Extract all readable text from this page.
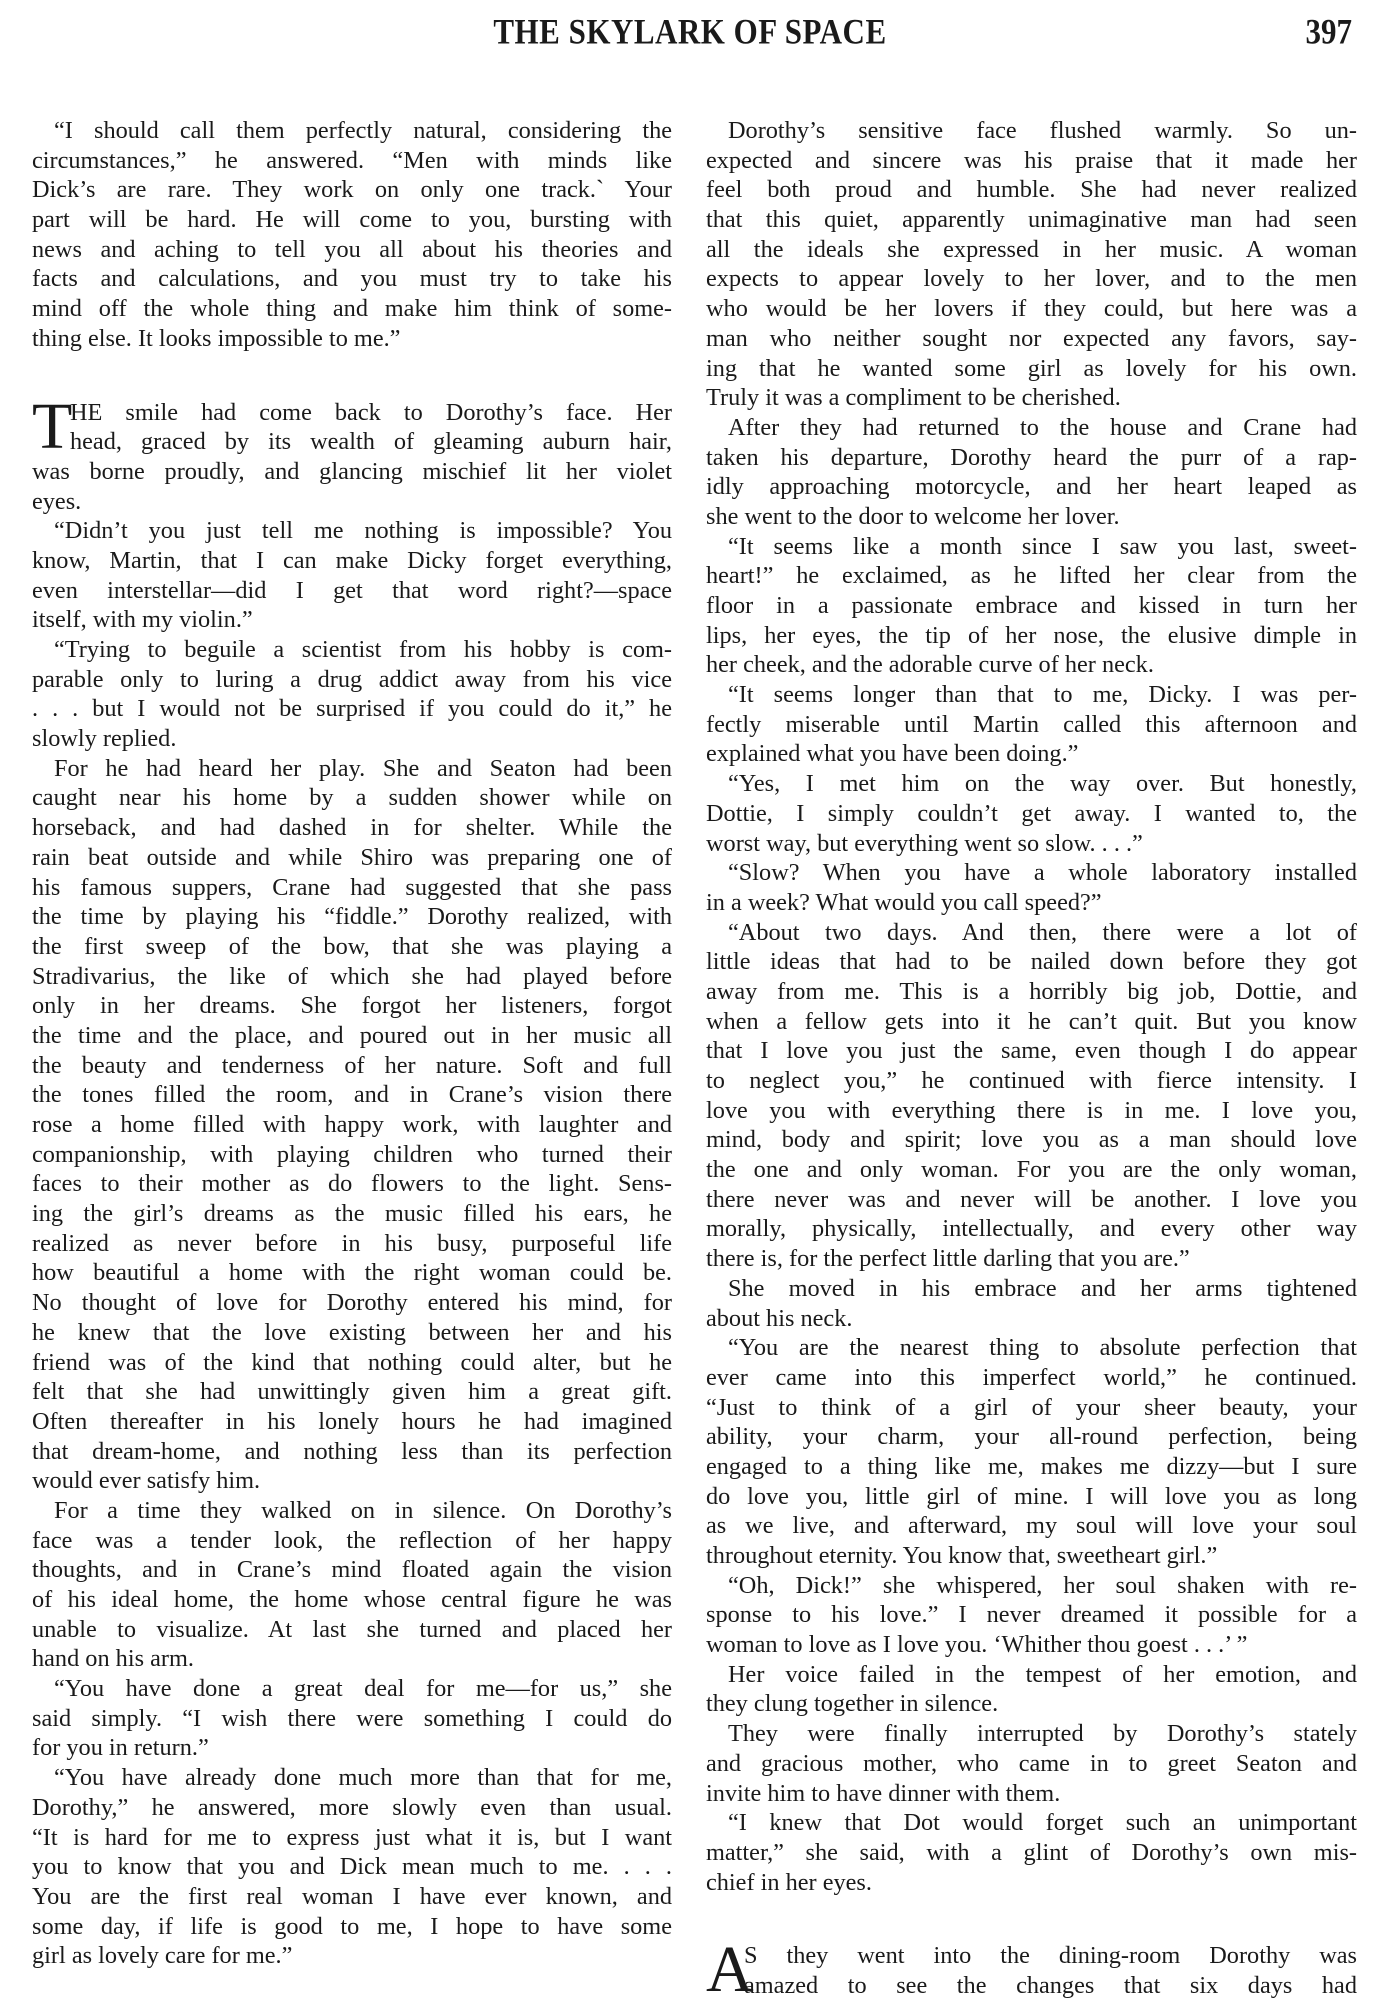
THE SKYLARK OF SPACE	397
“I should call them perfectly natural, considering the
circumstances,” he answered. “Men with minds like
Dick’s are rare. They work on only one track.` Your
part will be hard. He will come to you, bursting with
news and aching to tell you all about his theories and
facts and calculations, and you must try to take his
mind off the whole thing and make him think of some-
thing else. It looks impossible to me.”
T
HE smile had come back to Dorothy’s face. Her
head, graced by its wealth of gleaming auburn hair,
was borne proudly, and glancing mischief lit her violet
eyes.
“Didn’t you just tell me nothing is impossible? You
know, Martin, that I can make Dicky forget everything,
even interstellar—did I get that word right?—space
itself, with my violin.”
“Trying to beguile a scientist from his hobby is com-
parable only to luring a drug addict away from his vice
. . . but I would not be surprised if you could do it,” he
slowly replied.
For he had heard her play. She and Seaton had been
caught near his home by a sudden shower while on
horseback, and had dashed in for shelter. While the
rain beat outside and while Shiro was preparing one of
his famous suppers, Crane had suggested that she pass
the time by playing his “fiddle.” Dorothy realized, with
the first sweep of the bow, that she was playing a
Stradivarius, the like of which she had played before
only in her dreams. She forgot her listeners, forgot
the time and the place, and poured out in her music all
the beauty and tenderness of her nature. Soft and full
the tones filled the room, and in Crane’s vision there
rose a home filled with happy work, with laughter and
companionship, with playing children who turned their
faces to their mother as do flowers to the light. Sens-
ing the girl’s dreams as the music filled his ears, he
realized as never before in his busy, purposeful life
how beautiful a home with the right woman could be.
No thought of love for Dorothy entered his mind, for
he knew that the love existing between her and his
friend was of the kind that nothing could alter, but he
felt that she had unwittingly given him a great gift.
Often thereafter in his lonely hours he had imagined
that dream-home, and nothing less than its perfection
would ever satisfy him.
For a time they walked on in silence. On Dorothy’s
face was a tender look, the reflection of her happy
thoughts, and in Crane’s mind floated again the vision
of his ideal home, the home whose central figure he was
unable to visualize. At last she turned and placed her
hand on his arm.
“You have done a great deal for me—for us,” she
said simply. “I wish there were something I could do
for you in return.”
“You have already done much more than that for me,
Dorothy,” he answered, more slowly even than usual.
“It is hard for me to express just what it is, but I want
you to know that you and Dick mean much to me. . . .
You are the first real woman I have ever known, and
some day, if life is good to me, I hope to have some
girl as lovely care for me.”
Dorothy’s sensitive face flushed warmly. So un-
expected and sincere was his praise that it made her
feel both proud and humble. She had never realized
that this quiet, apparently unimaginative man had seen
all the ideals she expressed in her music. A woman
expects to appear lovely to her lover, and to the men
who would be her lovers if they could, but here was a
man who neither sought nor expected any favors, say-
ing that he wanted some girl as lovely for his own.
Truly it was a compliment to be cherished.
After they had returned to the house and Crane had
taken his departure, Dorothy heard the purr of a rap-
idly approaching motorcycle, and her heart leaped as
she went to the door to welcome her lover.
“It seems like a month since I saw you last, sweet-
heart!” he exclaimed, as he lifted her clear from the
floor in a passionate embrace and kissed in turn her
lips, her eyes, the tip of her nose, the elusive dimple in
her cheek, and the adorable curve of her neck.
“It seems longer than that to me, Dicky. I was per-
fectly miserable until Martin called this afternoon and
explained what you have been doing.”
“Yes, I met him on the way over. But honestly,
Dottie, I simply couldn’t get away. I wanted to, the
worst way, but everything went so slow. . . .”
“Slow? When you have a whole laboratory installed
in a week? What would you call speed?”
“About two days. And then, there were a lot of
little ideas that had to be nailed down before they got
away from me. This is a horribly big job, Dottie, and
when a fellow gets into it he can’t quit. But you know
that I love you just the same, even though I do appear
to neglect you,” he continued with fierce intensity. I
love you with everything there is in me. I love you,
mind, body and spirit; love you as a man should love
the one and only woman. For you are the only woman,
there never was and never will be another. I love you
morally, physically, intellectually, and every other way
there is, for the perfect little darling that you are.”
She moved in his embrace and her arms tightened
about his neck.
“You are the nearest thing to absolute perfection that
ever came into this imperfect world,” he continued.
“Just to think of a girl of your sheer beauty, your
ability, your charm, your all-round perfection, being
engaged to a thing like me, makes me dizzy—but I sure
do love you, little girl of mine. I will love you as long
as we live, and afterward, my soul will love your soul
throughout eternity. You know that, sweetheart girl.”
“Oh, Dick!” she whispered, her soul shaken with re-
sponse to his love.” I never dreamed it possible for a
woman to love as I love you. ‘Whither thou goest . . .’ ”
Her voice failed in the tempest of her emotion, and
they clung together in silence.
They were finally interrupted by Dorothy’s stately
and gracious mother, who came in to greet Seaton and
invite him to have dinner with them.
“I knew that Dot would forget such an unimportant
matter,” she said, with a glint of Dorothy’s own mis-
chief in her eyes.
A
S they went into the dining-room Dorothy was
amazed to see the changes that six days had
